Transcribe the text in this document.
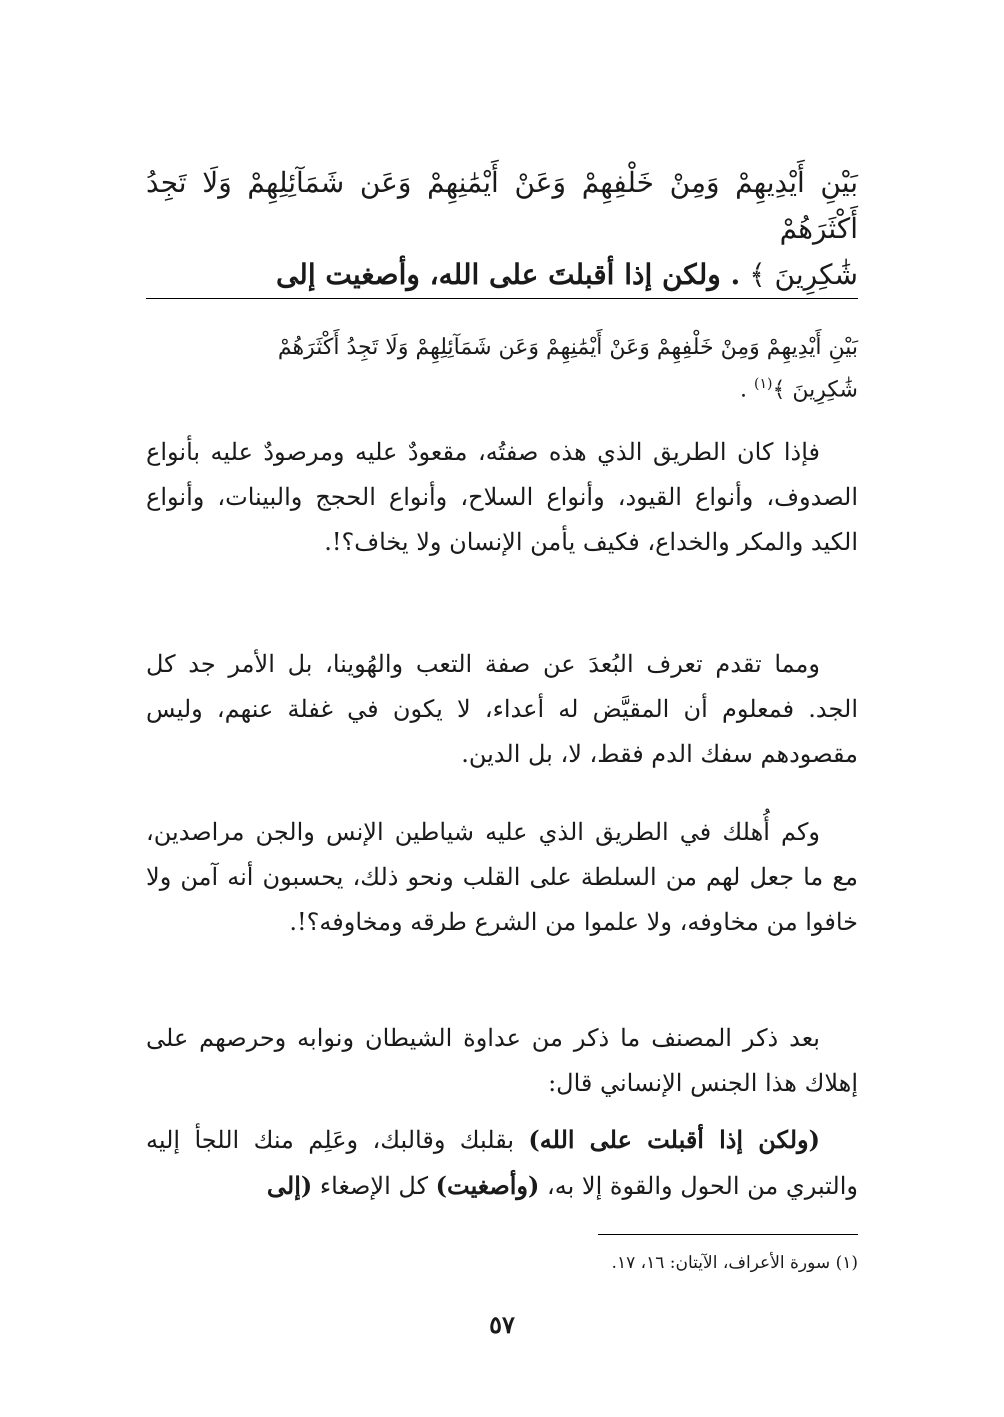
بَيْنِ أَيْدِيهِمْ وَمِنْ خَلْفِهِمْ وَعَنْ أَيْمَٰنِهِمْ وَعَن شَمَآئِلِهِمْ وَلَا تَجِدُ أَكْثَرَهُمْ
شَٰكِرِينَ ﴾ . ولكن إذا أقبلتَ على الله، وأصغيت إلى
بَيْنِ أَيْدِيهِمْ وَمِنْ خَلْفِهِمْ وَعَنْ أَيْمَٰنِهِمْ وَعَن شَمَآئِلِهِمْ وَلَا تَجِدُ أَكْثَرَهُمْ
شَٰكِرِينَ ﴾$^{(١)}$ .
فإذا كان الطريق الذي هذه صفتُه، مقعودٌ عليه ومرصودٌ عليه بأنواع الصدوف، وأنواع القيود، وأنواع السلاح، وأنواع الحجج والبينات، وأنواع الكيد والمكر والخداع، فكيف يأمن الإنسان ولا يخاف؟!.
ومما تقدم تعرف البُعدَ عن صفة التعب والهُوينا، بل الأمر جد كل الجد. فمعلوم أن المقيَّض له أعداء، لا يكون في غفلة عنهم، وليس مقصودهم سفك الدم فقط، لا، بل الدين.
وكم أُهلك في الطريق الذي عليه شياطين الإنس والجن مراصدين، مع ما جعل لهم من السلطة على القلب ونحو ذلك، يحسبون أنه آمن ولا خافوا من مخاوفه، ولا علموا من الشرع طرقه ومخاوفه؟!.
بعد ذكر المصنف ما ذكر من عداوة الشيطان ونوابه وحرصهم على إهلاك هذا الجنس الإنساني قال:
(ولكن إذا أقبلت على الله) بقلبك وقالبك، وعَلِم منك اللجأ إليه والتبري من الحول والقوة إلا به، (وأصغيت) كل الإصغاء (إلى
(١) سورة الأعراف، الآيتان: ١٦، ١٧.
٥٧
